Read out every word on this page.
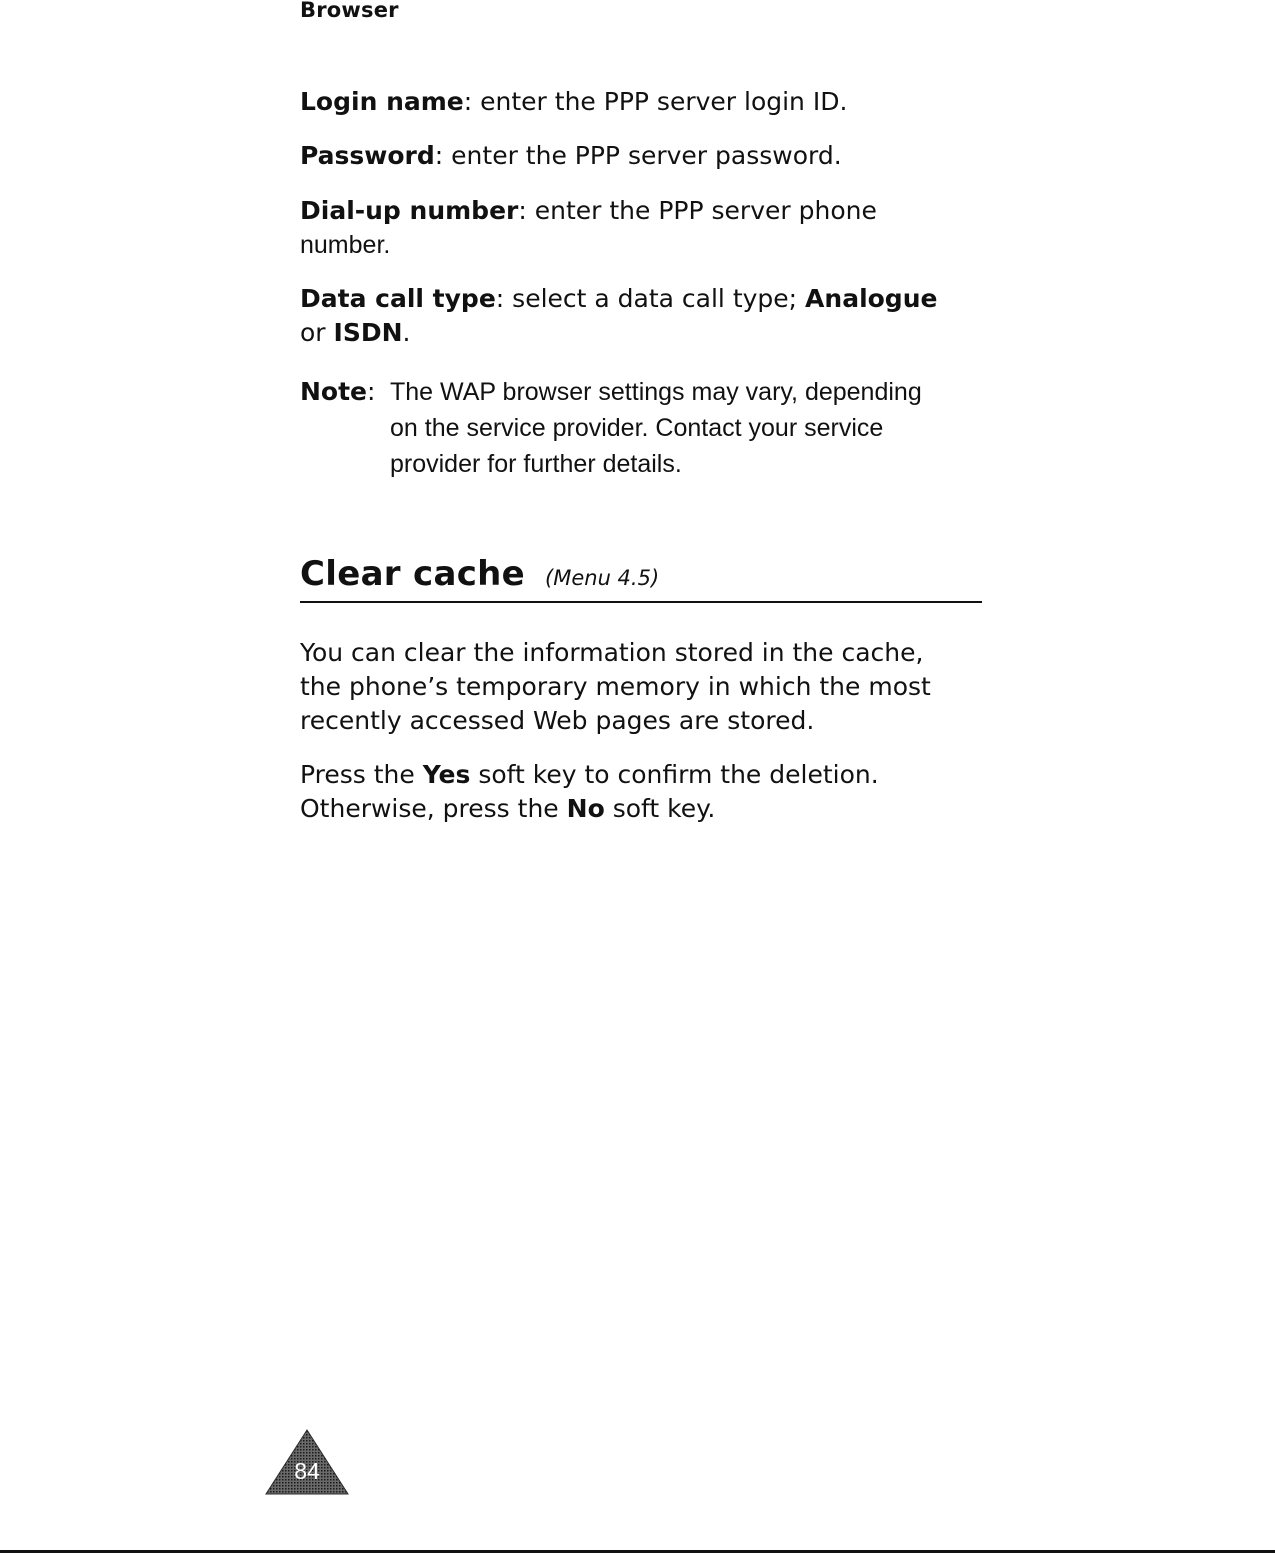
Browser

Login name: enter the PPP server login ID.

Password: enter the PPP server password.

Dial-up number: enter the PPP server phone

number.

Data call type: select a data call type; Analogue

or ISDN.

Note: The WAP browser settings may vary, depending
on the service provider. Contact your service
provider for further details.
Clear cache (Menu 4.5)

You can clear the information stored in the cache,

the phone’s temporary memory in which the most

recently accessed Web pages are stored.

Press the Yes soft key to confirm the deletion.

Otherwise, press the No soft key.

84
